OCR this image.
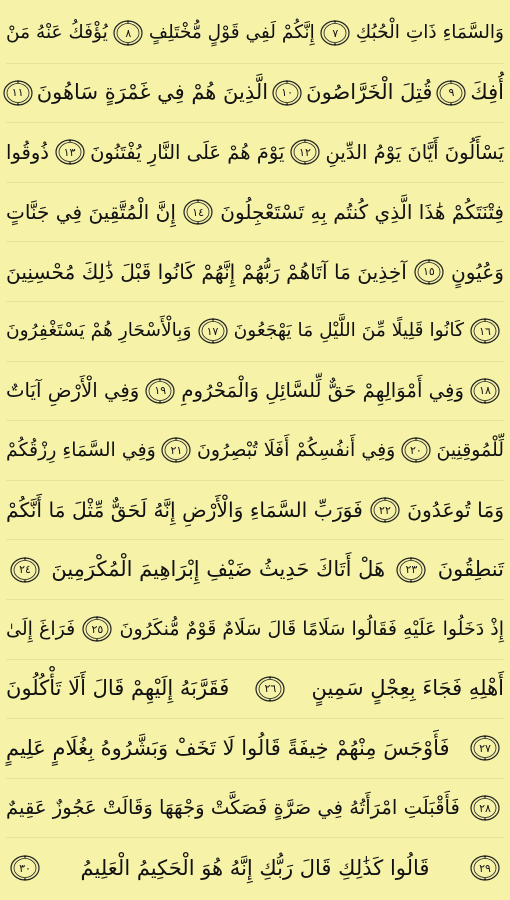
وَالسَّمَاءِ ذَاتِ الْحُبُكِ
٧
إِنَّكُمْ لَفِي قَوْلٍ مُّخْتَلِفٍ
٨
يُؤْفَكُ عَنْهُ مَنْ
أُفِكَ
٩
قُتِلَ الْخَرَّاصُونَ
١٠
الَّذِينَ هُمْ فِي غَمْرَةٍ سَاهُونَ
١١
يَسْأَلُونَ أَيَّانَ يَوْمُ الدِّينِ
١٢
يَوْمَ هُمْ عَلَى النَّارِ يُفْتَنُونَ
١٣
ذُوقُوا
فِتْنَتَكُمْ هَٰذَا الَّذِي كُنتُم بِهِ تَسْتَعْجِلُونَ
١٤
إِنَّ الْمُتَّقِينَ فِي جَنَّاتٍ
وَعُيُونٍ
١٥
آخِذِينَ مَا آتَاهُمْ رَبُّهُمْ إِنَّهُمْ كَانُوا قَبْلَ ذَٰلِكَ مُحْسِنِينَ
١٦
كَانُوا قَلِيلًا مِّنَ اللَّيْلِ مَا يَهْجَعُونَ
١٧
وَبِالْأَسْحَارِ هُمْ يَسْتَغْفِرُونَ
١٨
وَفِي أَمْوَالِهِمْ حَقٌّ لِّلسَّائِلِ وَالْمَحْرُومِ
١٩
وَفِي الْأَرْضِ آيَاتٌ
لِّلْمُوقِنِينَ
٢٠
وَفِي أَنفُسِكُمْ أَفَلَا تُبْصِرُونَ
٢١
وَفِي السَّمَاءِ رِزْقُكُمْ
وَمَا تُوعَدُونَ
٢٢
فَوَرَبِّ السَّمَاءِ وَالْأَرْضِ إِنَّهُ لَحَقٌّ مِّثْلَ مَا أَنَّكُمْ
تَنطِقُونَ
٢٣
هَلْ أَتَاكَ حَدِيثُ ضَيْفِ إِبْرَاهِيمَ الْمُكْرَمِينَ
٢٤
إِذْ دَخَلُوا عَلَيْهِ فَقَالُوا سَلَامًا قَالَ سَلَامٌ قَوْمٌ مُّنكَرُونَ
٢٥
فَرَاغَ إِلَىٰ
أَهْلِهِ فَجَاءَ بِعِجْلٍ سَمِينٍ
٢٦
فَقَرَّبَهُ إِلَيْهِمْ قَالَ أَلَا تَأْكُلُونَ
٢٧
فَأَوْجَسَ مِنْهُمْ خِيفَةً قَالُوا لَا تَخَفْ وَبَشَّرُوهُ بِغُلَامٍ عَلِيمٍ
٢٨
فَأَقْبَلَتِ امْرَأَتُهُ فِي صَرَّةٍ فَصَكَّتْ وَجْهَهَا وَقَالَتْ عَجُوزٌ عَقِيمٌ
٢٩
قَالُوا كَذَٰلِكِ قَالَ رَبُّكِ إِنَّهُ هُوَ الْحَكِيمُ الْعَلِيمُ
٣٠
